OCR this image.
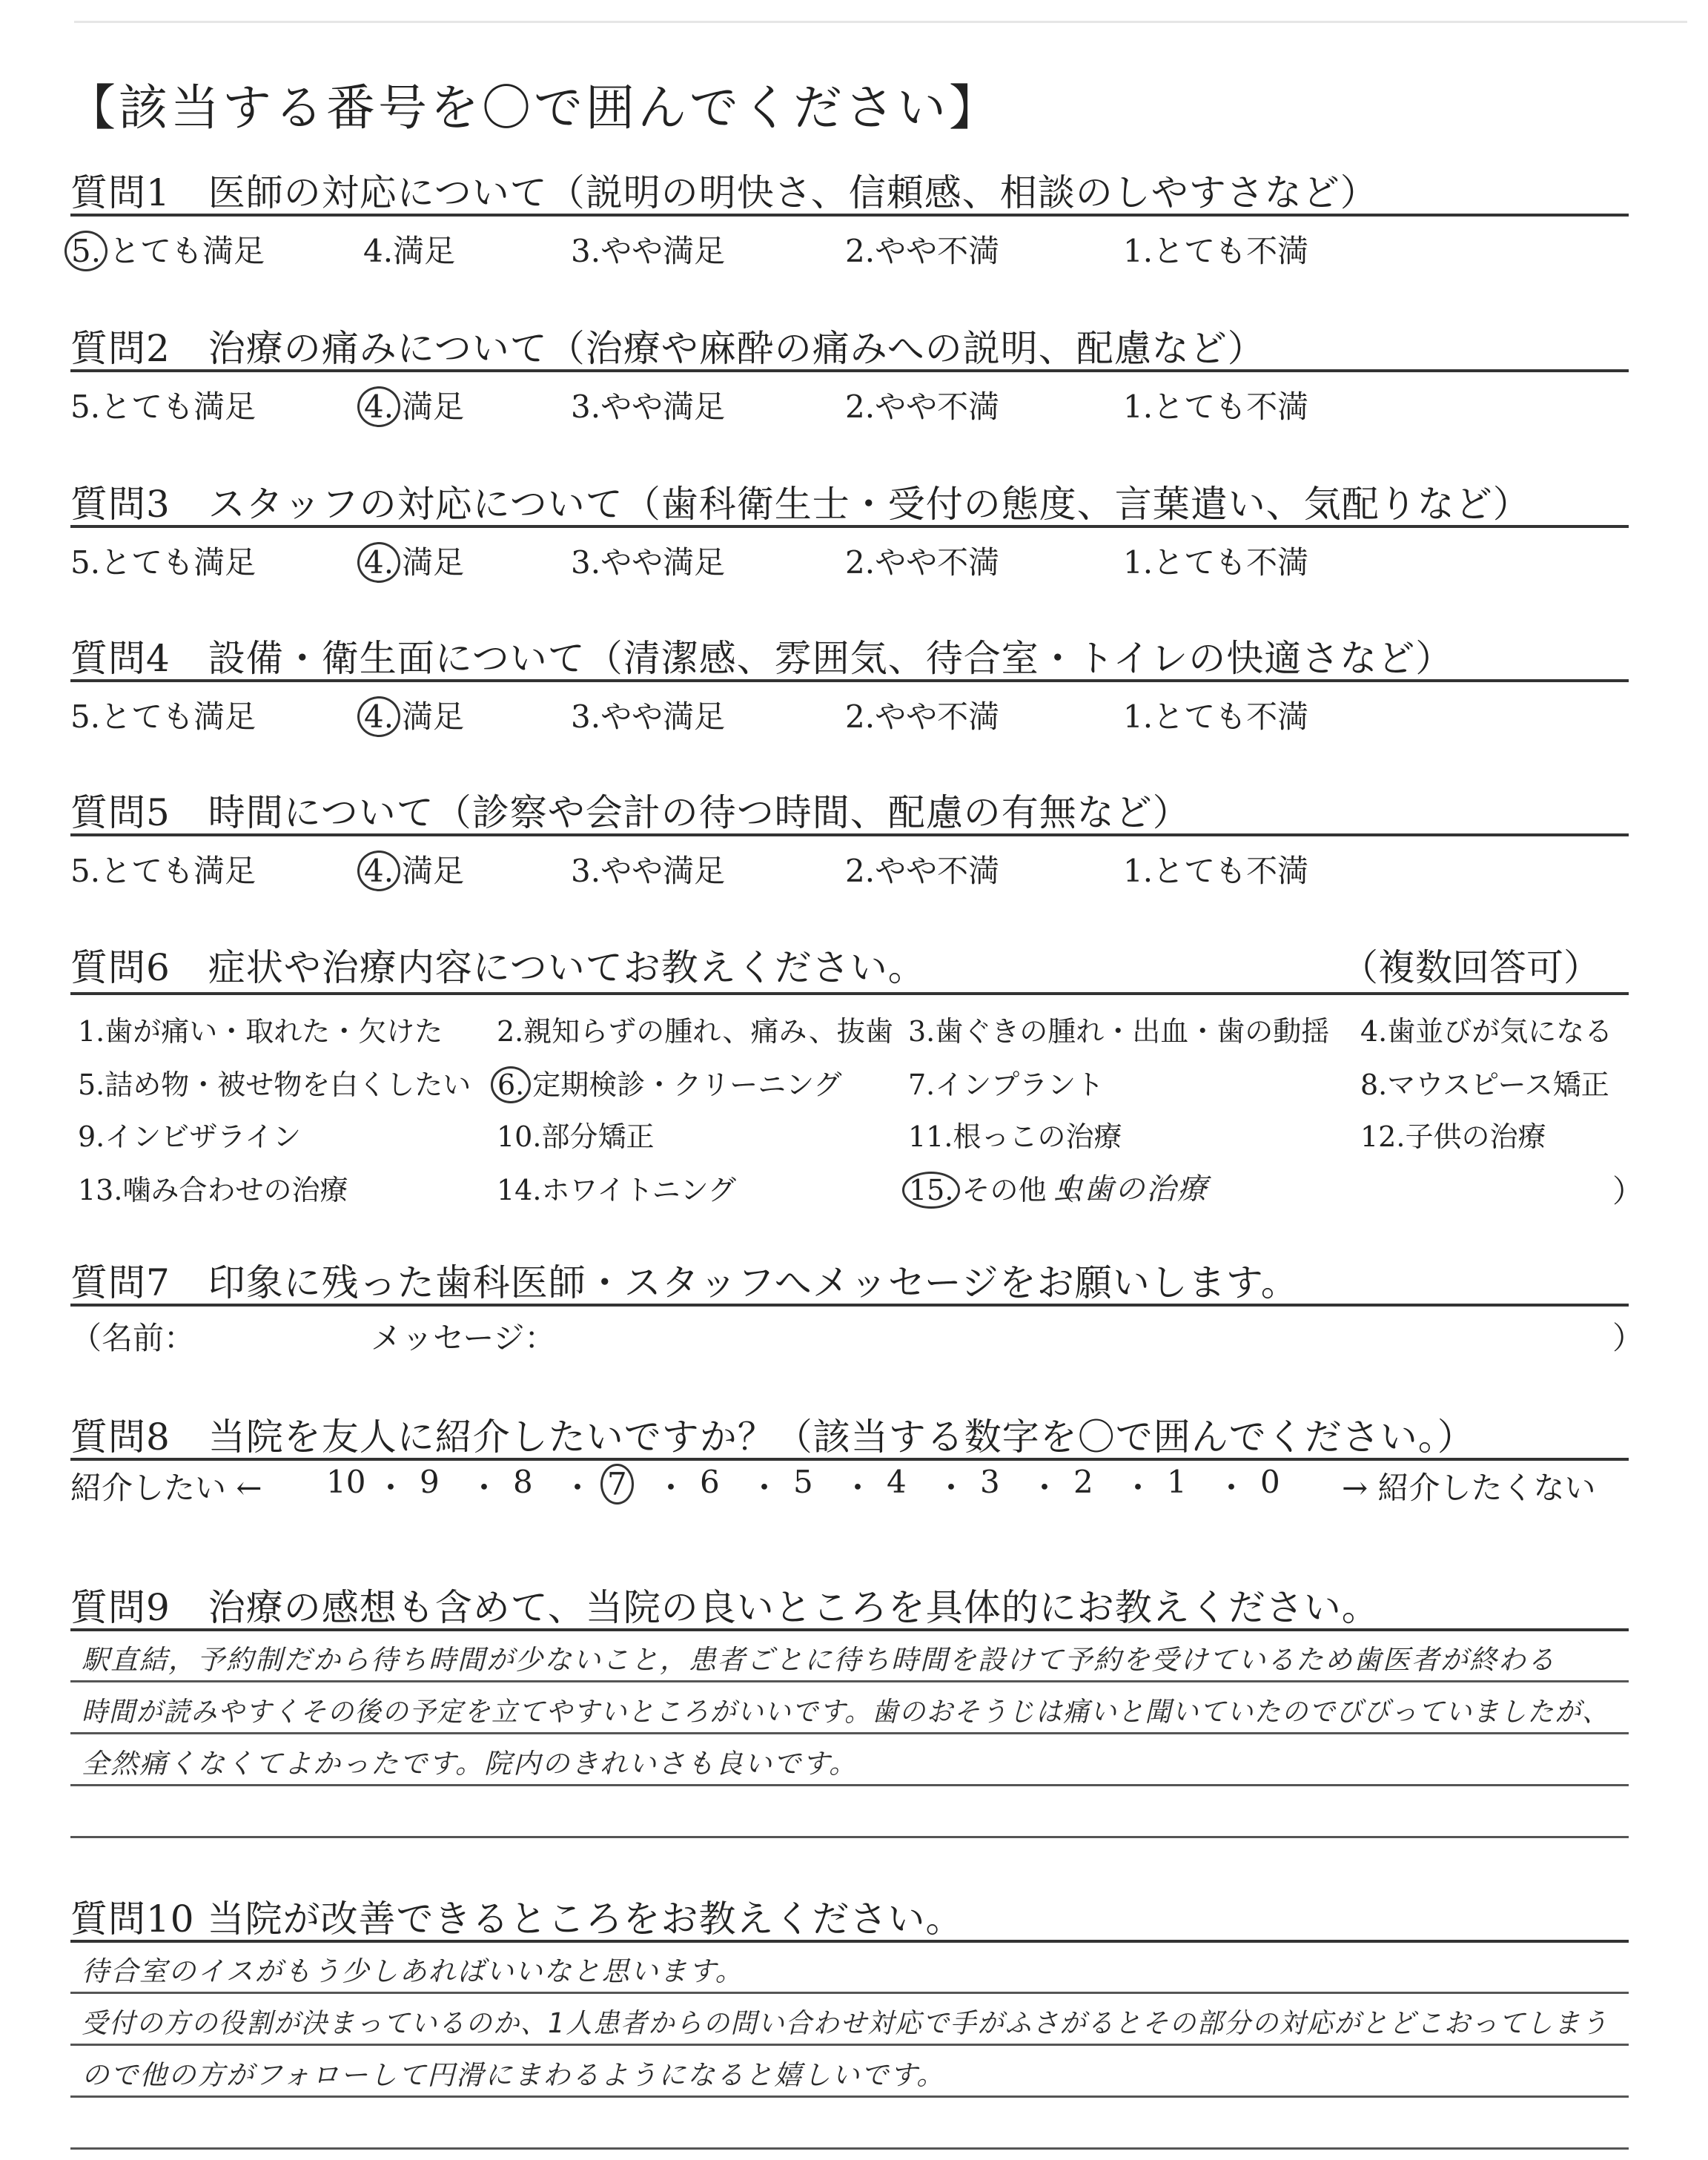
【該当する番号を〇で囲んでください】
質問1　医師の対応について（説明の明快さ、信頼感、相談のしやすさなど）
5. とても満足	4.満足	3.やや満足	2.やや不満	1.とても不満
質問2　治療の痛みについて（治療や麻酔の痛みへの説明、配慮など）
5.とても満足	4. 満足	3.やや満足	2.やや不満	1.とても不満
質問3　スタッフの対応について（歯科衛生士・受付の態度、言葉遣い、気配りなど）
5.とても満足	4. 満足	3.やや満足	2.やや不満	1.とても不満
質問4　設備・衛生面について（清潔感、雰囲気、待合室・トイレの快適さなど）
5.とても満足	4. 満足	3.やや満足	2.やや不満	1.とても不満
質問5　時間について（診察や会計の待つ時間、配慮の有無など）
5.とても満足	4. 満足	3.やや満足	2.やや不満	1.とても不満
質問6　症状や治療内容についてお教えください。	（複数回答可）
1.歯が痛い・取れた・欠けた 2.親知らずの腫れ、痛み、抜歯 3.歯ぐきの腫れ・出血・歯の動揺 4.歯並びが気になる
5.詰め物・被せ物を白くしたい 6. 定期検診・クリーニング 7.インプラント	8.マウスピース矯正
9.インビザライン	10.部分矯正	11.根っこの治療	12.子供の治療
13.噛み合わせの治療	14.ホワイトニング	15. その他（
虫歯の治療	）
質問7　印象に残った歯科医師・スタッフへメッセージをお願いします。
（名前：	メッセージ：	）
質問8　当院を友人に紹介したいですか？（該当する数字を〇で囲んでください。）
紹介したい ←	→ 紹介したくない
10 ・ 9 ・ 8 ・ 7 ・ 6 ・ 5 ・ 4 ・ 3 ・ 2 ・ 1 ・ 0
質問9　治療の感想も含めて、当院の良いところを具体的にお教えください。
駅直結，予約制だから待ち時間が少ないこと，患者ごとに待ち時間を設けて予約を受けているため歯医者が終わる
時間が読みやすくその後の予定を立てやすいところがいいです。歯のおそうじは痛いと聞いていたのでびびっていましたが、
全然痛くなくてよかったです。院内のきれいさも良いです。
質問10 当院が改善できるところをお教えください。
待合室のイスがもう少しあればいいなと思います。
受付の方の役割が決まっているのか、1人患者からの問い合わせ対応で手がふさがるとその部分の対応がとどこおってしまう
ので他の方がフォローして円滑にまわるようになると嬉しいです。
